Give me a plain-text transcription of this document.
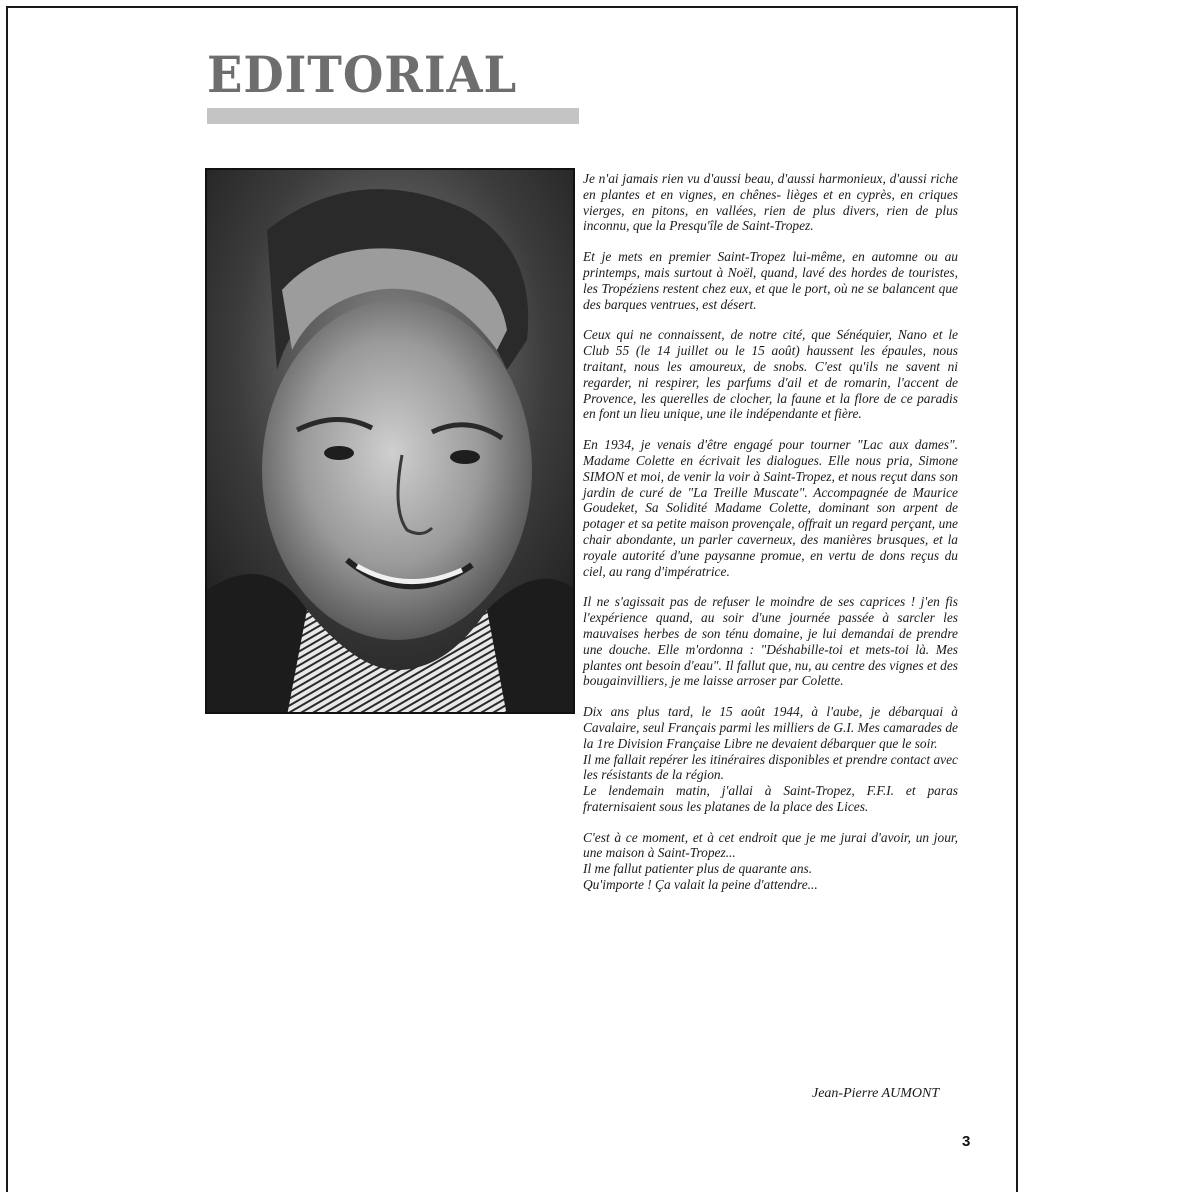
EDITORIAL

Je n'ai jamais rien vu d'aussi beau, d'aussi harmonieux, d'aussi riche en plantes et en vignes, en chênes- lièges et en cyprès, en criques vierges, en pitons, en vallées, rien de plus divers, rien de plus inconnu, que la Presqu'île de Saint-Tropez.

Et je mets en premier Saint-Tropez lui-même, en automne ou au printemps, mais surtout à Noël, quand, lavé des hordes de touristes, les Tropéziens restent chez eux, et que le port, où ne se balancent que des barques ventrues, est désert.

Ceux qui ne connaissent, de notre cité, que Sénéquier, Nano et le Club 55 (le 14 juillet ou le 15 août) haussent les épaules, nous traitant, nous les amoureux, de snobs. C'est qu'ils ne savent ni regarder, ni respirer, les parfums d'ail et de romarin, l'accent de Provence, les querelles de clocher, la faune et la flore de ce paradis en font un lieu unique, une ile indépendante et fière.

En 1934, je venais d'être engagé pour tourner "Lac aux dames". Madame Colette en écrivait les dialogues. Elle nous pria, Simone SIMON et moi, de venir la voir à Saint-Tropez, et nous reçut dans son jardin de curé de "La Treille Muscate". Accompagnée de Maurice Goudeket, Sa Solidité Madame Colette, dominant son arpent de potager et sa petite maison provençale, offrait un regard perçant, une chair abondante, un parler caverneux, des manières brusques, et la royale autorité d'une paysanne promue, en vertu de dons reçus du ciel, au rang d'impératrice.

Il ne s'agissait pas de refuser le moindre de ses caprices ! j'en fis l'expérience quand, au soir d'une journée passée à sarcler les mauvaises herbes de son ténu domaine, je lui demandai de prendre une douche. Elle m'ordonna : "Déshabille-toi et mets-toi là. Mes plantes ont besoin d'eau". Il fallut que, nu, au centre des vignes et des bougainvilliers, je me laisse arroser par Colette.

Dix ans plus tard, le 15 août 1944, à l'aube, je débarquai à Cavalaire, seul Français parmi les milliers de G.I. Mes camarades de la 1re Division Française Libre ne devaient débarquer que le soir.
Il me fallait repérer les itinéraires disponibles et prendre contact avec les résistants de la région.
Le lendemain matin, j'allai à Saint-Tropez, F.F.I. et paras fraternisaient sous les platanes de la place des Lices.

C'est à ce moment, et à cet endroit que je me jurai d'avoir, un jour, une maison à Saint-Tropez...
Il me fallut patienter plus de quarante ans.
Qu'importe ! Ça valait la peine d'attendre...

Jean-Pierre AUMONT
3
